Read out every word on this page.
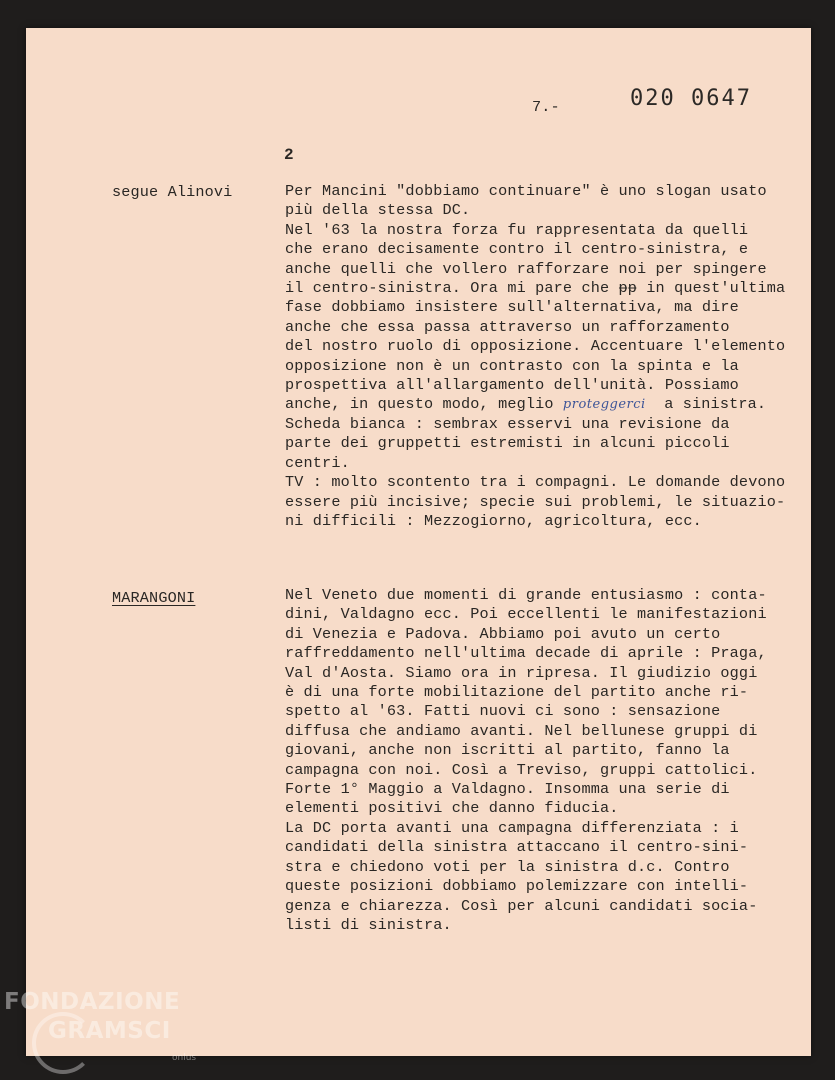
7.-	020 0647
2
segue Alinovi	Per Mancini "dobbiamo continuare" è uno slogan usato
più della stessa DC.
Nel '63 la nostra forza fu rappresentata da quelli
che erano decisamente contro il centro-sinistra, e
anche quelli che vollero rafforzare noi per spingere
il centro-sinistra. Ora mi pare che ᵽᵽ in quest'ultima
fase dobbiamo insistere sull'alternativa, ma dire
anche che essa passa attraverso un rafforzamento
del nostro ruolo di opposizione. Accentuare l'elemento
opposizione non è un contrasto con la spinta e la
prospettiva all'allargamento dell'unità. Possiamo
anche, in questo modo, meglio proteggerci  a sinistra.
Scheda bianca : sembrax esservi una revisione da
parte dei gruppetti estremisti in alcuni piccoli
centri.
TV : molto scontento tra i compagni. Le domande devono
essere più incisive; specie sui problemi, le situazio-
ni difficili : Mezzogiorno, agricoltura, ecc.
MARANGONI	Nel Veneto due momenti di grande entusiasmo : conta-
dini, Valdagno ecc. Poi eccellenti le manifestazioni
di Venezia e Padova. Abbiamo poi avuto un certo
raffreddamento nell'ultima decade di aprile : Praga,
Val d'Aosta. Siamo ora in ripresa. Il giudizio oggi
è di una forte mobilitazione del partito anche ri-
spetto al '63. Fatti nuovi ci sono : sensazione
diffusa che andiamo avanti. Nel bellunese gruppi di
giovani, anche non iscritti al partito, fanno la
campagna con noi. Così a Treviso, gruppi cattolici.
Forte 1° Maggio a Valdagno. Insomma una serie di
elementi positivi che danno fiducia.
La DC porta avanti una campagna differenziata : i
candidati della sinistra attaccano il centro-sini-
stra e chiedono voti per la sinistra d.c. Contro
queste posizioni dobbiamo polemizzare con intelli-
genza e chiarezza. Così per alcuni candidati socia-
listi di sinistra.
FONDAZIONE
GRAMSCI
onlus
